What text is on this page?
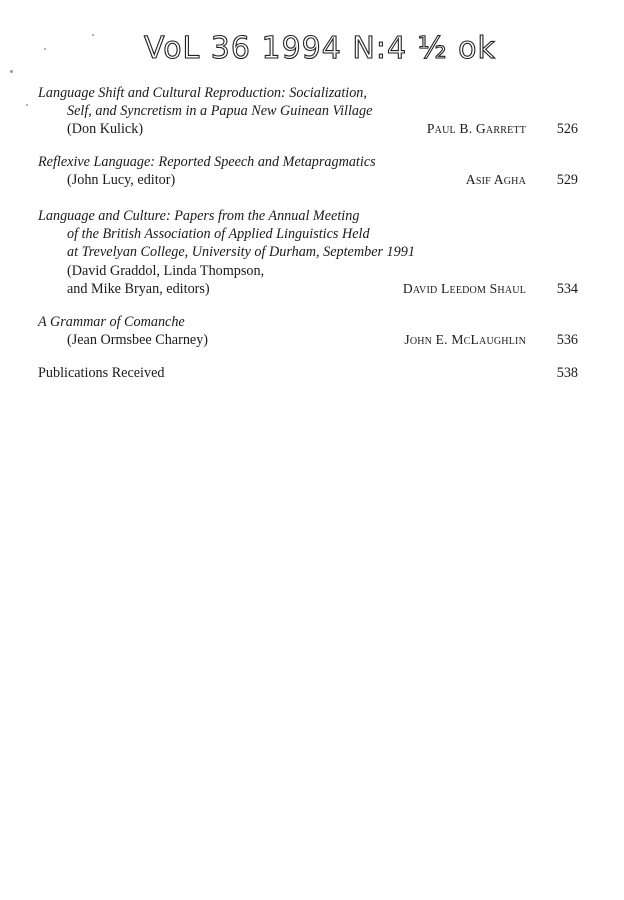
VoL 36 1994 N:4 ½ ok
Language Shift and Cultural Reproduction: Socialization,
Self, and Syncretism in a Papua New Guinean Village
(Don Kulick)	Paul B. Garrett	526
Reflexive Language: Reported Speech and Metapragmatics
(John Lucy, editor)	Asif Agha	529
Language and Culture: Papers from the Annual Meeting
of the British Association of Applied Linguistics Held
at Trevelyan College, University of Durham, September 1991
(David Graddol, Linda Thompson,
and Mike Bryan, editors)	David Leedom Shaul	534
A Grammar of Comanche
(Jean Ormsbee Charney)	John E. McLaughlin	536
Publications Received	538
